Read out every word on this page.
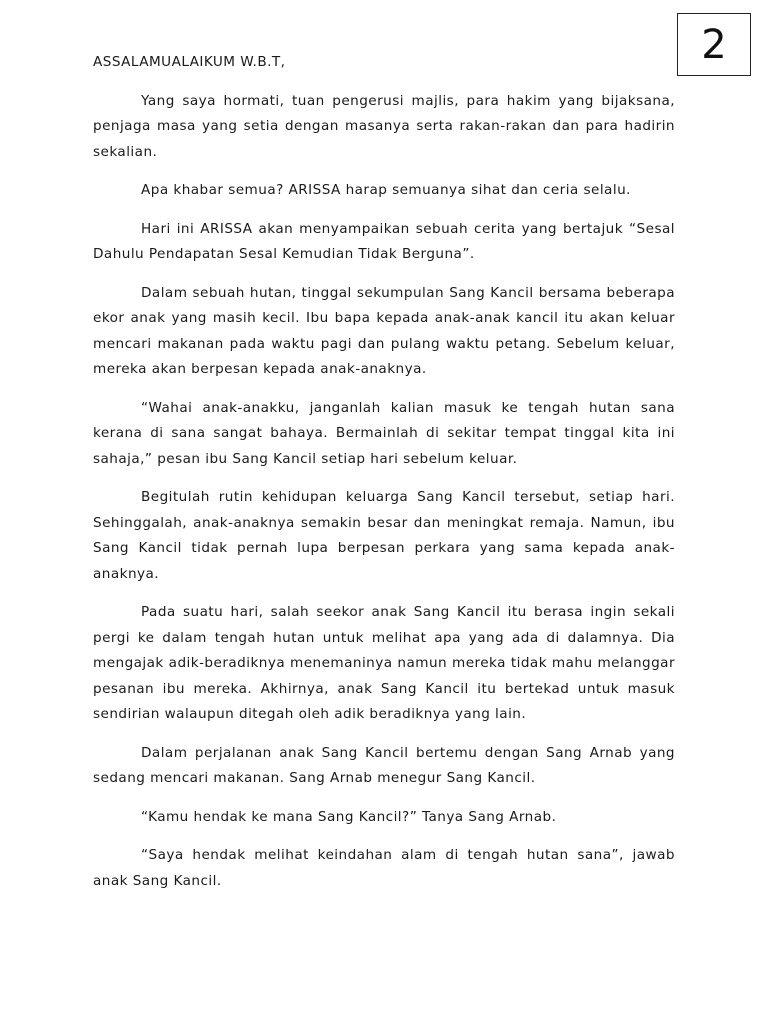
2

ASSALAMUALAIKUM W.B.T,

Yang saya hormati, tuan pengerusi majlis, para hakim yang bijaksana, penjaga masa yang setia dengan masanya serta rakan-rakan dan para hadirin sekalian.

Apa khabar semua? ARISSA harap semuanya sihat dan ceria selalu.

Hari ini ARISSA akan menyampaikan sebuah cerita yang bertajuk “Sesal Dahulu Pendapatan Sesal Kemudian Tidak Berguna”.

Dalam sebuah hutan, tinggal sekumpulan Sang Kancil bersama beberapa ekor anak yang masih kecil. Ibu bapa kepada anak-anak kancil itu akan keluar mencari makanan pada waktu pagi dan pulang waktu petang. Sebelum keluar, mereka akan berpesan kepada anak-anaknya.

“Wahai anak-anakku, janganlah kalian masuk ke tengah hutan sana kerana di sana sangat bahaya. Bermainlah di sekitar tempat tinggal kita ini sahaja,” pesan ibu Sang Kancil setiap hari sebelum keluar.

Begitulah rutin kehidupan keluarga Sang Kancil tersebut, setiap hari. Sehinggalah, anak-anaknya semakin besar dan meningkat remaja. Namun, ibu Sang Kancil tidak pernah lupa berpesan perkara yang sama kepada anak-anaknya.

Pada suatu hari, salah seekor anak Sang Kancil itu berasa ingin sekali pergi ke dalam tengah hutan untuk melihat apa yang ada di dalamnya. Dia mengajak adik-beradiknya menemaninya namun mereka tidak mahu melanggar pesanan ibu mereka. Akhirnya, anak Sang Kancil itu bertekad untuk masuk sendirian walaupun ditegah oleh adik beradiknya yang lain.

Dalam perjalanan anak Sang Kancil bertemu dengan Sang Arnab yang sedang mencari makanan. Sang Arnab menegur Sang Kancil.

“Kamu hendak ke mana Sang Kancil?” Tanya Sang Arnab.

“Saya hendak melihat keindahan alam di tengah hutan sana”, jawab anak Sang Kancil.
